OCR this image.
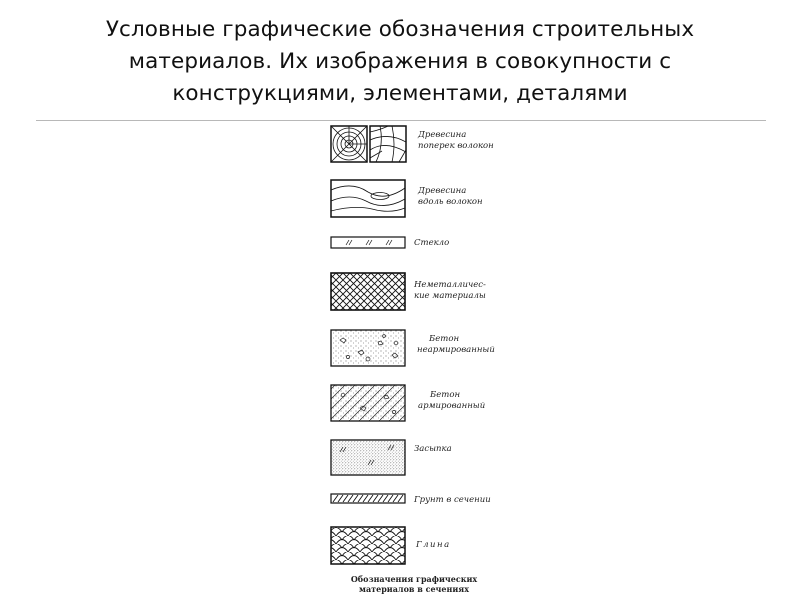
Условные графические обозначения строительных
материалов. Их изображения в совокупности с
конструкциями, элементами, деталями
Древесина
поперек волокон
Древесина
вдоль волокон
Стекло
Неметалличес-
кие материалы
Бетон
неармированный
Бетон
армированный
Засыпка
Грунт в сечении
Глина
Обозначения графических
материалов в сечениях
